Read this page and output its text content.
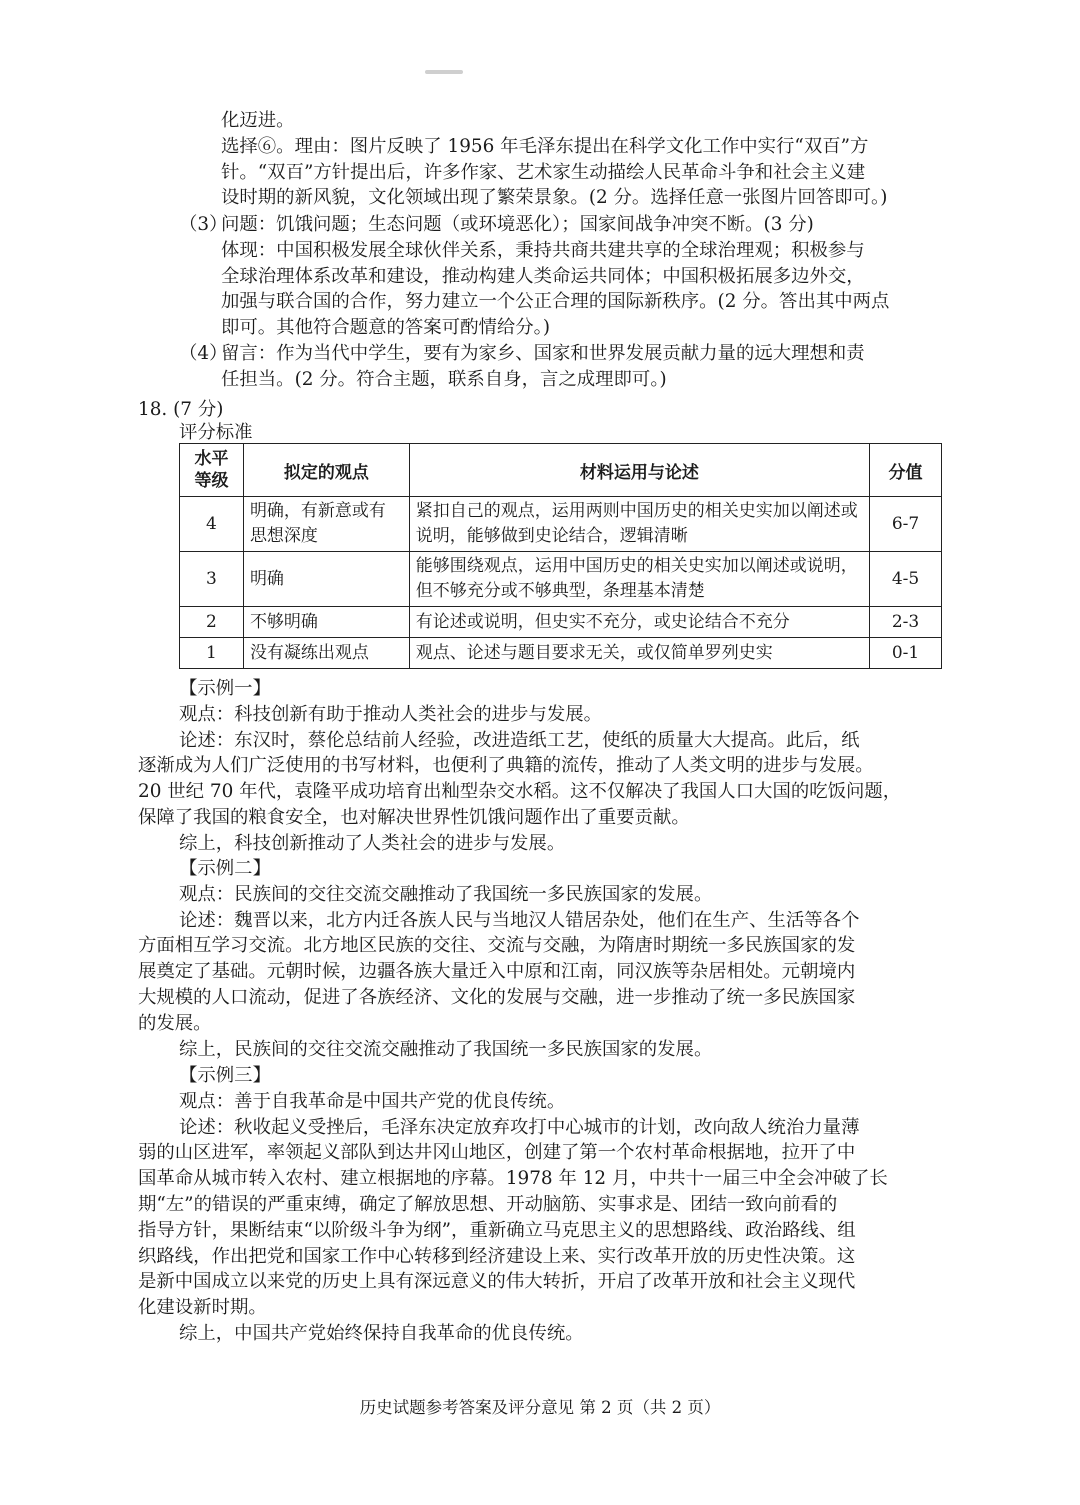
化迈进。
选择⑥。理由：图片反映了 1956 年毛泽东提出在科学文化工作中实行“双百”方
针。“双百”方针提出后，许多作家、艺术家生动描绘人民革命斗争和社会主义建
设时期的新风貌，文化领域出现了繁荣景象。(2 分。选择任意一张图片回答即可。)
（3）
问题：饥饿问题；生态问题（或环境恶化）；国家间战争冲突不断。(3 分)
体现：中国积极发展全球伙伴关系，秉持共商共建共享的全球治理观；积极参与
全球治理体系改革和建设，推动构建人类命运共同体；中国积极拓展多边外交，
加强与联合国的合作，努力建立一个公正合理的国际新秩序。(2 分。答出其中两点
即可。其他符合题意的答案可酌情给分。)
（4）
留言：作为当代中学生，要有为家乡、国家和世界发展贡献力量的远大理想和责
任担当。(2 分。符合主题，联系自身，言之成理即可。)
18. (7 分)
评分标准
水平
等级	拟定的观点	材料运用与论述	分值
4	明确，有新意或有思想深度	紧扣自己的观点，运用两则中国历史的相关史实加以阐述或说明，能够做到史论结合，逻辑清晰	6-7
3	明确	能够围绕观点，运用中国历史的相关史实加以阐述或说明，但不够充分或不够典型，条理基本清楚	4-5
2	不够明确	有论述或说明，但史实不充分，或史论结合不充分	2-3
1	没有凝练出观点	观点、论述与题目要求无关，或仅简单罗列史实	0-1
【示例一】
观点：科技创新有助于推动人类社会的进步与发展。
论述：东汉时，蔡伦总结前人经验，改进造纸工艺，使纸的质量大大提高。此后，纸
逐渐成为人们广泛使用的书写材料，也便利了典籍的流传，推动了人类文明的进步与发展。
20 世纪 70 年代，袁隆平成功培育出籼型杂交水稻。这不仅解决了我国人口大国的吃饭问题，
保障了我国的粮食安全，也对解决世界性饥饿问题作出了重要贡献。
综上，科技创新推动了人类社会的进步与发展。
【示例二】
观点：民族间的交往交流交融推动了我国统一多民族国家的发展。
论述：魏晋以来，北方内迁各族人民与当地汉人错居杂处，他们在生产、生活等各个
方面相互学习交流。北方地区民族的交往、交流与交融，为隋唐时期统一多民族国家的发
展奠定了基础。元朝时候，边疆各族大量迁入中原和江南，同汉族等杂居相处。元朝境内
大规模的人口流动，促进了各族经济、文化的发展与交融，进一步推动了统一多民族国家
的发展。
综上，民族间的交往交流交融推动了我国统一多民族国家的发展。
【示例三】
观点：善于自我革命是中国共产党的优良传统。
论述：秋收起义受挫后，毛泽东决定放弃攻打中心城市的计划，改向敌人统治力量薄
弱的山区进军，率领起义部队到达井冈山地区，创建了第一个农村革命根据地，拉开了中
国革命从城市转入农村、建立根据地的序幕。1978 年 12 月，中共十一届三中全会冲破了长
期“左”的错误的严重束缚，确定了解放思想、开动脑筋、实事求是、团结一致向前看的
指导方针，果断结束“以阶级斗争为纲”，重新确立马克思主义的思想路线、政治路线、组
织路线，作出把党和国家工作中心转移到经济建设上来、实行改革开放的历史性决策。这
是新中国成立以来党的历史上具有深远意义的伟大转折，开启了改革开放和社会主义现代
化建设新时期。
综上，中国共产党始终保持自我革命的优良传统。
历史试题参考答案及评分意见 第 2 页（共 2 页）
